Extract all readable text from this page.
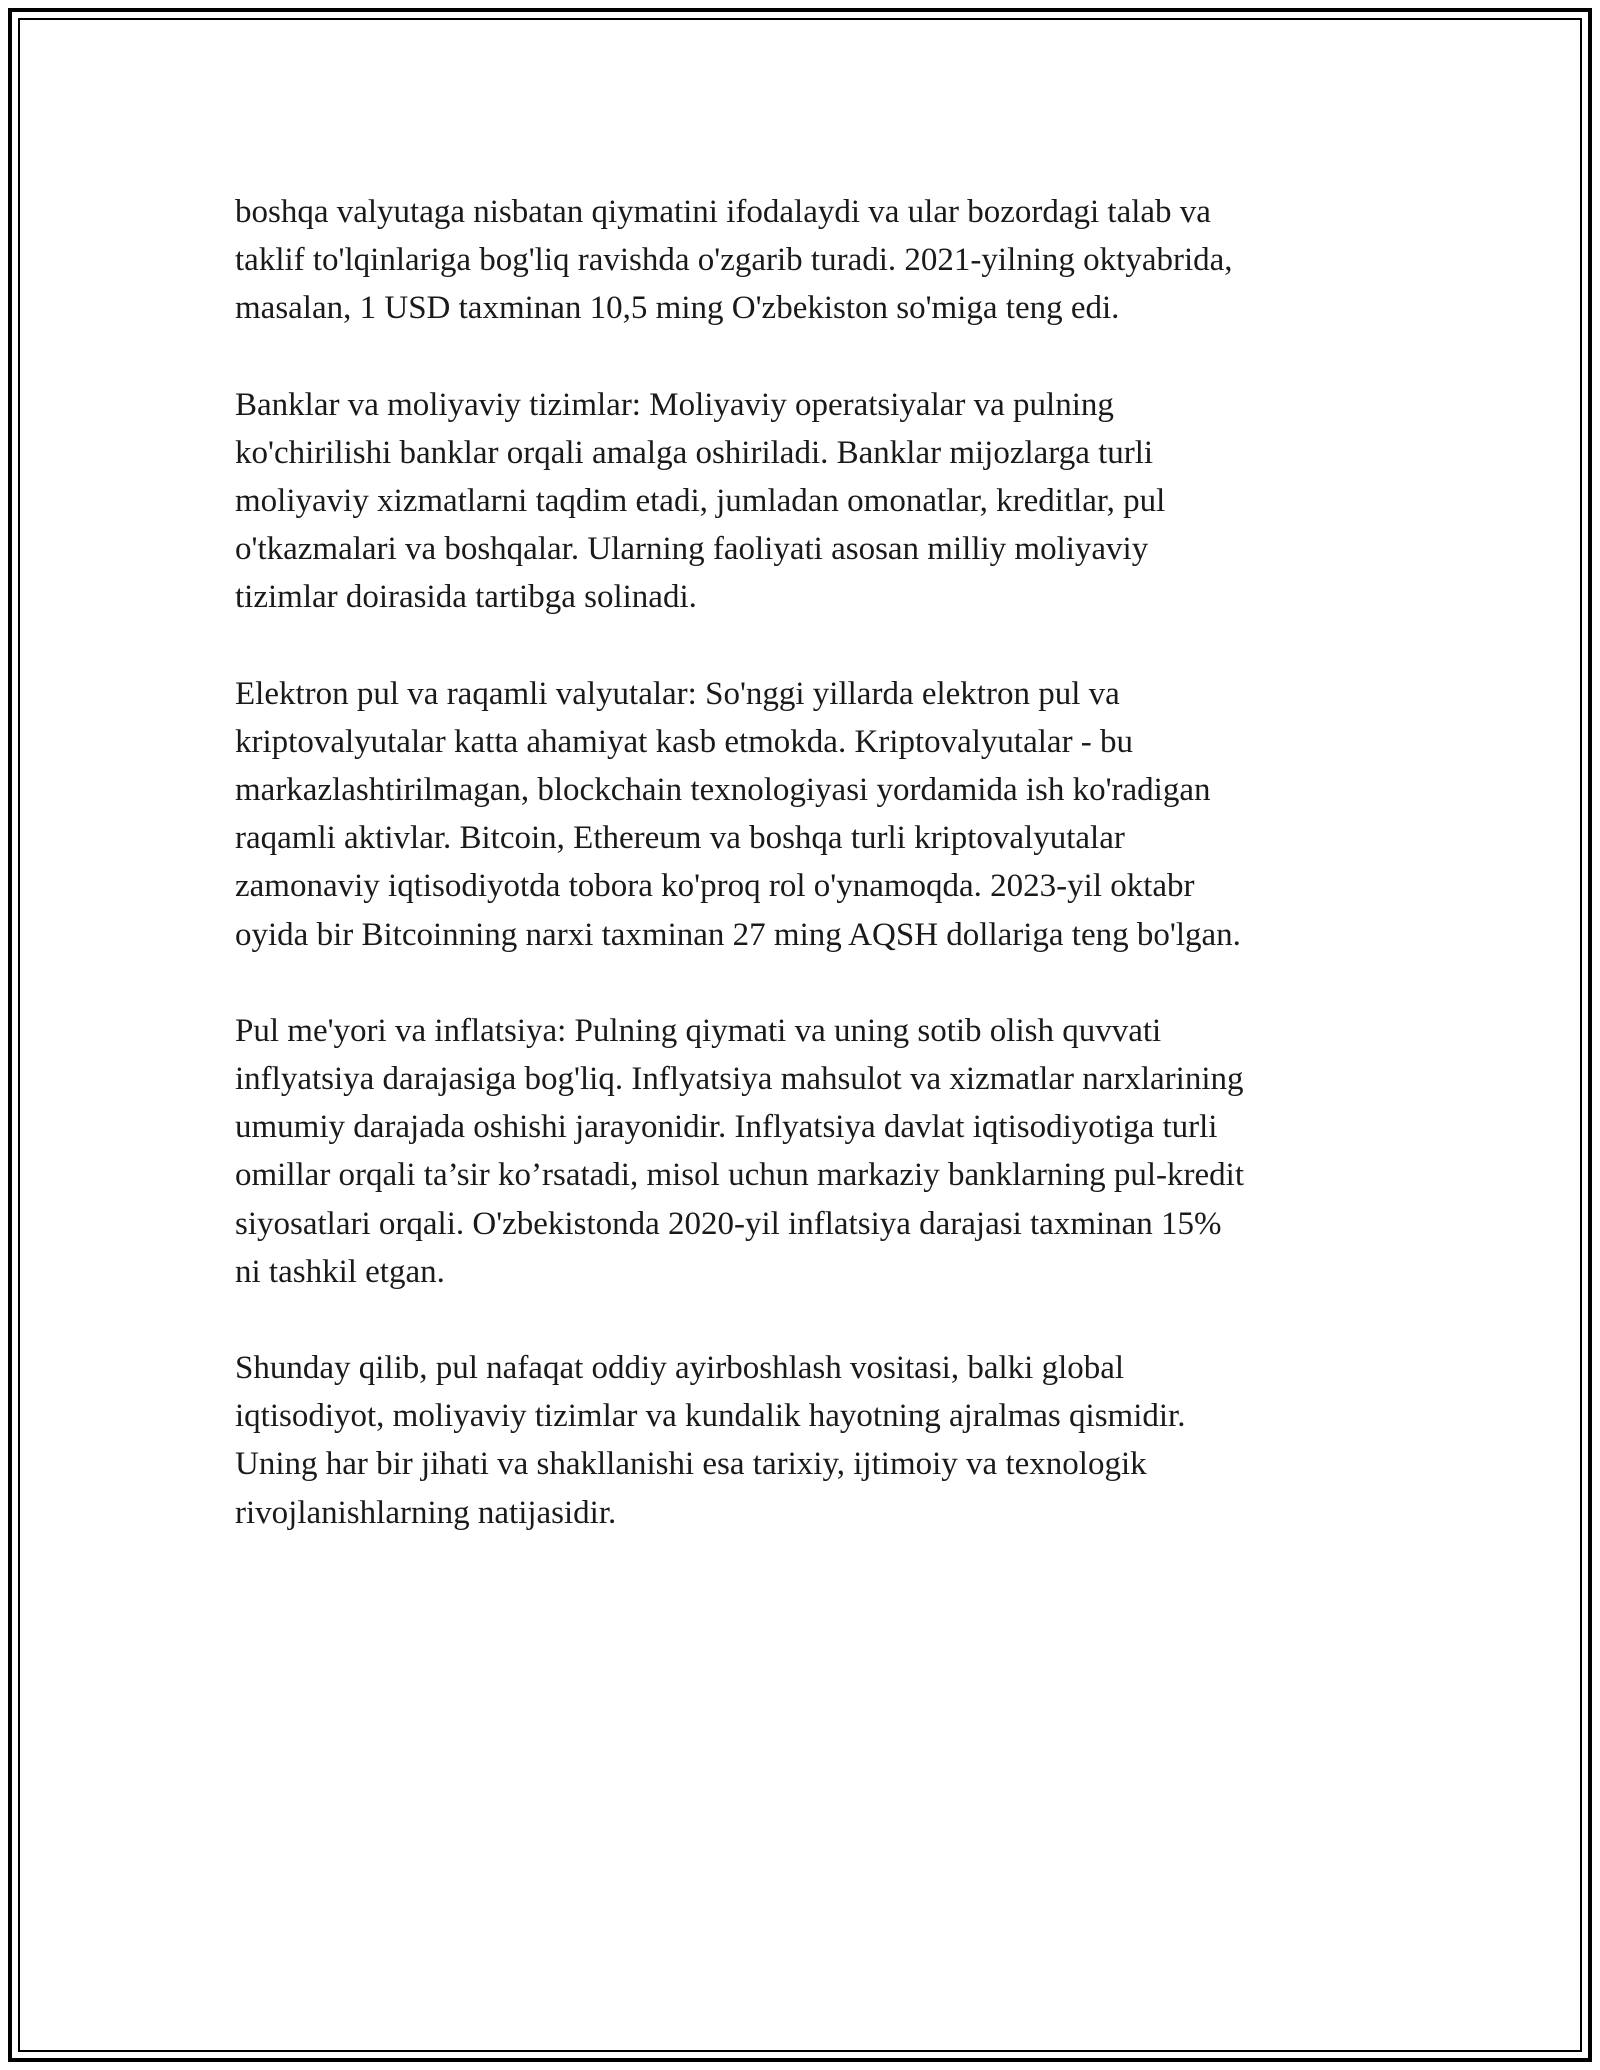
boshqa valyutaga nisbatan qiymatini ifodalaydi va ular bozordagi talab va
taklif to'lqinlariga bog'liq ravishda o'zgarib turadi. 2021-yilning oktyabrida,
masalan, 1 USD taxminan 10,5 ming O'zbekiston so'miga teng edi.

Banklar va moliyaviy tizimlar: Moliyaviy operatsiyalar va pulning
ko'chirilishi banklar orqali amalga oshiriladi. Banklar mijozlarga turli
moliyaviy xizmatlarni taqdim etadi, jumladan omonatlar, kreditlar, pul
o'tkazmalari va boshqalar. Ularning faoliyati asosan milliy moliyaviy
tizimlar doirasida tartibga solinadi.

Elektron pul va raqamli valyutalar: So'nggi yillarda elektron pul va
kriptovalyutalar katta ahamiyat kasb etmokda. Kriptovalyutalar - bu
markazlashtirilmagan, blockchain texnologiyasi yordamida ish ko'radigan
raqamli aktivlar. Bitcoin, Ethereum va boshqa turli kriptovalyutalar
zamonaviy iqtisodiyotda tobora ko'proq rol o'ynamoqda. 2023-yil oktabr
oyida bir Bitcoinning narxi taxminan 27 ming AQSH dollariga teng bo'lgan.

Pul me'yori va inflatsiya: Pulning qiymati va uning sotib olish quvvati
inflyatsiya darajasiga bog'liq. Inflyatsiya mahsulot va xizmatlar narxlarining
umumiy darajada oshishi jarayonidir. Inflyatsiya davlat iqtisodiyotiga turli
omillar orqali ta’sir ko’rsatadi, misol uchun markaziy banklarning pul-kredit
siyosatlari orqali. O'zbekistonda 2020-yil inflatsiya darajasi taxminan 15%
ni tashkil etgan.

Shunday qilib, pul nafaqat oddiy ayirboshlash vositasi, balki global
iqtisodiyot, moliyaviy tizimlar va kundalik hayotning ajralmas qismidir.
Uning har bir jihati va shakllanishi esa tarixiy, ijtimoiy va texnologik
rivojlanishlarning natijasidir.
